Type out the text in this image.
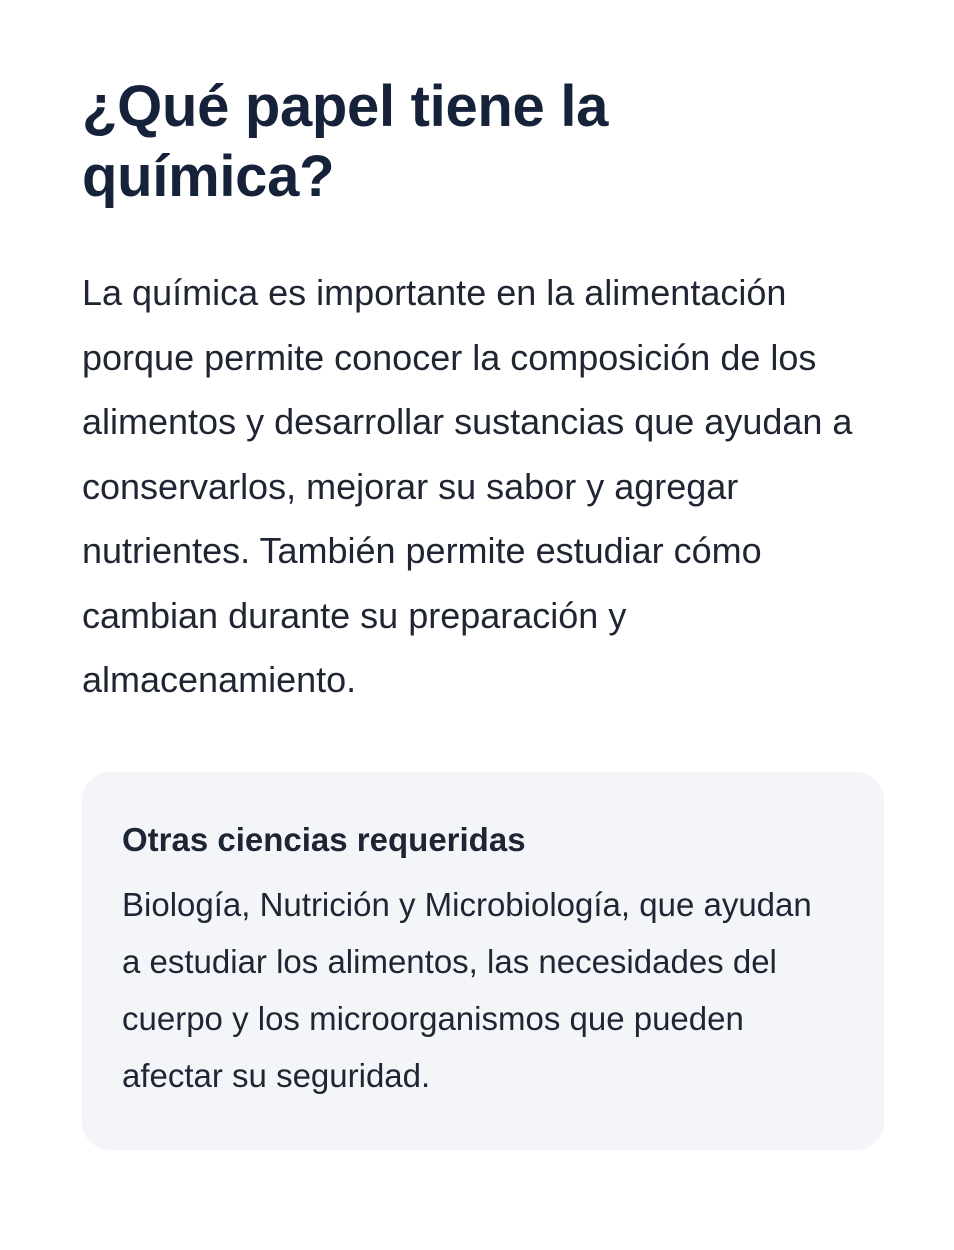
¿Qué papel tiene la química?

La química es importante en la alimentación porque permite conocer la composición de los alimentos y desarrollar sustancias que ayudan a conservarlos, mejorar su sabor y agregar nutrientes. También permite estudiar cómo cambian durante su preparación y almacenamiento.

Otras ciencias requeridas

Biología, Nutrición y Microbiología, que ayudan a estudiar los alimentos, las necesidades del cuerpo y los microorganismos que pueden afectar su seguridad.
